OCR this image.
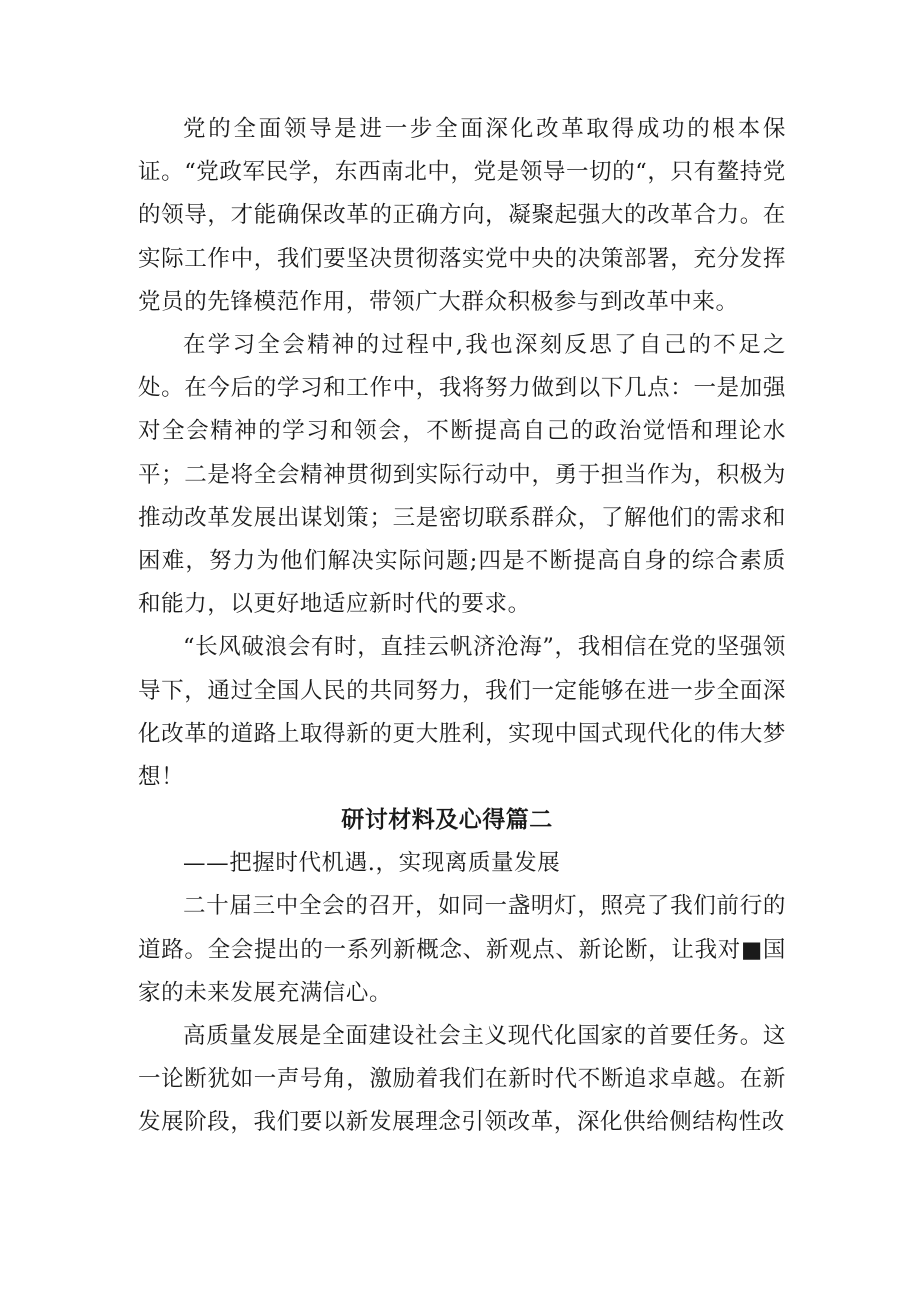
党的全面领导是进一步全面深化改革取得成功的根本保证。“党政军民学，东西南北中，党是领导一切的“，只有鳌持党的领导，才能确保改革的正确方向，凝聚起强大的改革合力。在实际工作中，我们要坚决贯彻落实党中央的决策部署，充分发挥党员的先锋模范作用，带领广大群众积极参与到改革中来。

在学习全会精神的过程中,我也深刻反思了自己的不足之处。在今后的学习和工作中，我将努力做到以下几点：一是加强对全会精神的学习和领会，不断提高自己的政治觉悟和理论水平；二是将全会精神贯彻到实际行动中，勇于担当作为，积极为推动改革发展出谋划策；三是密切联系群众，了解他们的需求和困难，努力为他们解决实际问题;四是不断提高自身的综合素质和能力，以更好地适应新时代的要求。

“长风破浪会有时，直挂云帆济沧海”，我相信在党的坚强领导下，通过全国人民的共同努力，我们一定能够在进一步全面深化改革的道路上取得新的更大胜利，实现中国式现代化的伟大梦想！

研讨材料及心得篇二

——把握时代机遇.，实现离质量发展

二十届三中全会的召开，如同一盏明灯，照亮了我们前行的道路。全会提出的一系列新概念、新观点、新论断，让我对■国家的未来发展充满信心。

高质量发展是全面建设社会主义现代化国家的首要任务。这一论断犹如一声号角，激励着我们在新时代不断追求卓越。在新发展阶段，我们要以新发展理念引领改革，深化供给侧结构性改
